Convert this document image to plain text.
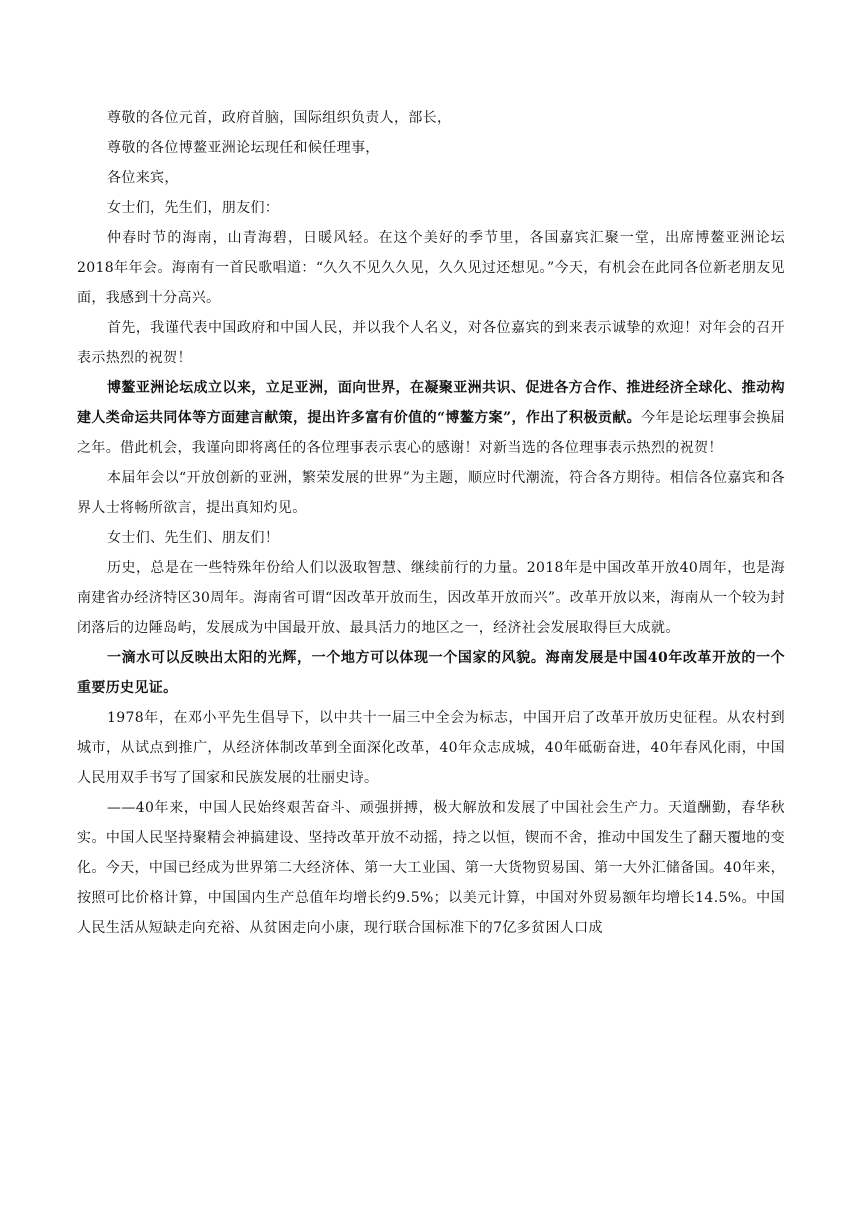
尊敬的各位元首，政府首脑，国际组织负责人，部长，

尊敬的各位博鳌亚洲论坛现任和候任理事，

各位来宾，

女士们，先生们，朋友们：

仲春时节的海南，山青海碧，日暖风轻。在这个美好的季节里，各国嘉宾汇聚一堂，出席博鳌亚洲论坛2018年年会。海南有一首民歌唱道：“久久不见久久见，久久见过还想见。”今天，有机会在此同各位新老朋友见面，我感到十分高兴。

首先，我谨代表中国政府和中国人民，并以我个人名义，对各位嘉宾的到来表示诚挚的欢迎！对年会的召开表示热烈的祝贺！

博鳌亚洲论坛成立以来，立足亚洲，面向世界，在凝聚亚洲共识、促进各方合作、推进经济全球化、推动构建人类命运共同体等方面建言献策，提出许多富有价值的“博鳌方案”，作出了积极贡献。今年是论坛理事会换届之年。借此机会，我谨向即将离任的各位理事表示衷心的感谢！对新当选的各位理事表示热烈的祝贺！

本届年会以“开放创新的亚洲，繁荣发展的世界”为主题，顺应时代潮流，符合各方期待。相信各位嘉宾和各界人士将畅所欲言，提出真知灼见。

女士们、先生们、朋友们！

历史，总是在一些特殊年份给人们以汲取智慧、继续前行的力量。2018年是中国改革开放40周年，也是海南建省办经济特区30周年。海南省可谓“因改革开放而生，因改革开放而兴”。改革开放以来，海南从一个较为封闭落后的边陲岛屿，发展成为中国最开放、最具活力的地区之一，经济社会发展取得巨大成就。

一滴水可以反映出太阳的光辉，一个地方可以体现一个国家的风貌。海南发展是中国40年改革开放的一个重要历史见证。

1978年，在邓小平先生倡导下，以中共十一届三中全会为标志，中国开启了改革开放历史征程。从农村到城市，从试点到推广，从经济体制改革到全面深化改革，40年众志成城，40年砥砺奋进，40年春风化雨，中国人民用双手书写了国家和民族发展的壮丽史诗。

——40年来，中国人民始终艰苦奋斗、顽强拼搏，极大解放和发展了中国社会生产力。天道酬勤，春华秋实。中国人民坚持聚精会神搞建设、坚持改革开放不动摇，持之以恒，锲而不舍，推动中国发生了翻天覆地的变化。今天，中国已经成为世界第二大经济体、第一大工业国、第一大货物贸易国、第一大外汇储备国。40年来，按照可比价格计算，中国国内生产总值年均增长约9.5%；以美元计算，中国对外贸易额年均增长14.5%。中国人民生活从短缺走向充裕、从贫困走向小康，现行联合国标准下的7亿多贫困人口成
